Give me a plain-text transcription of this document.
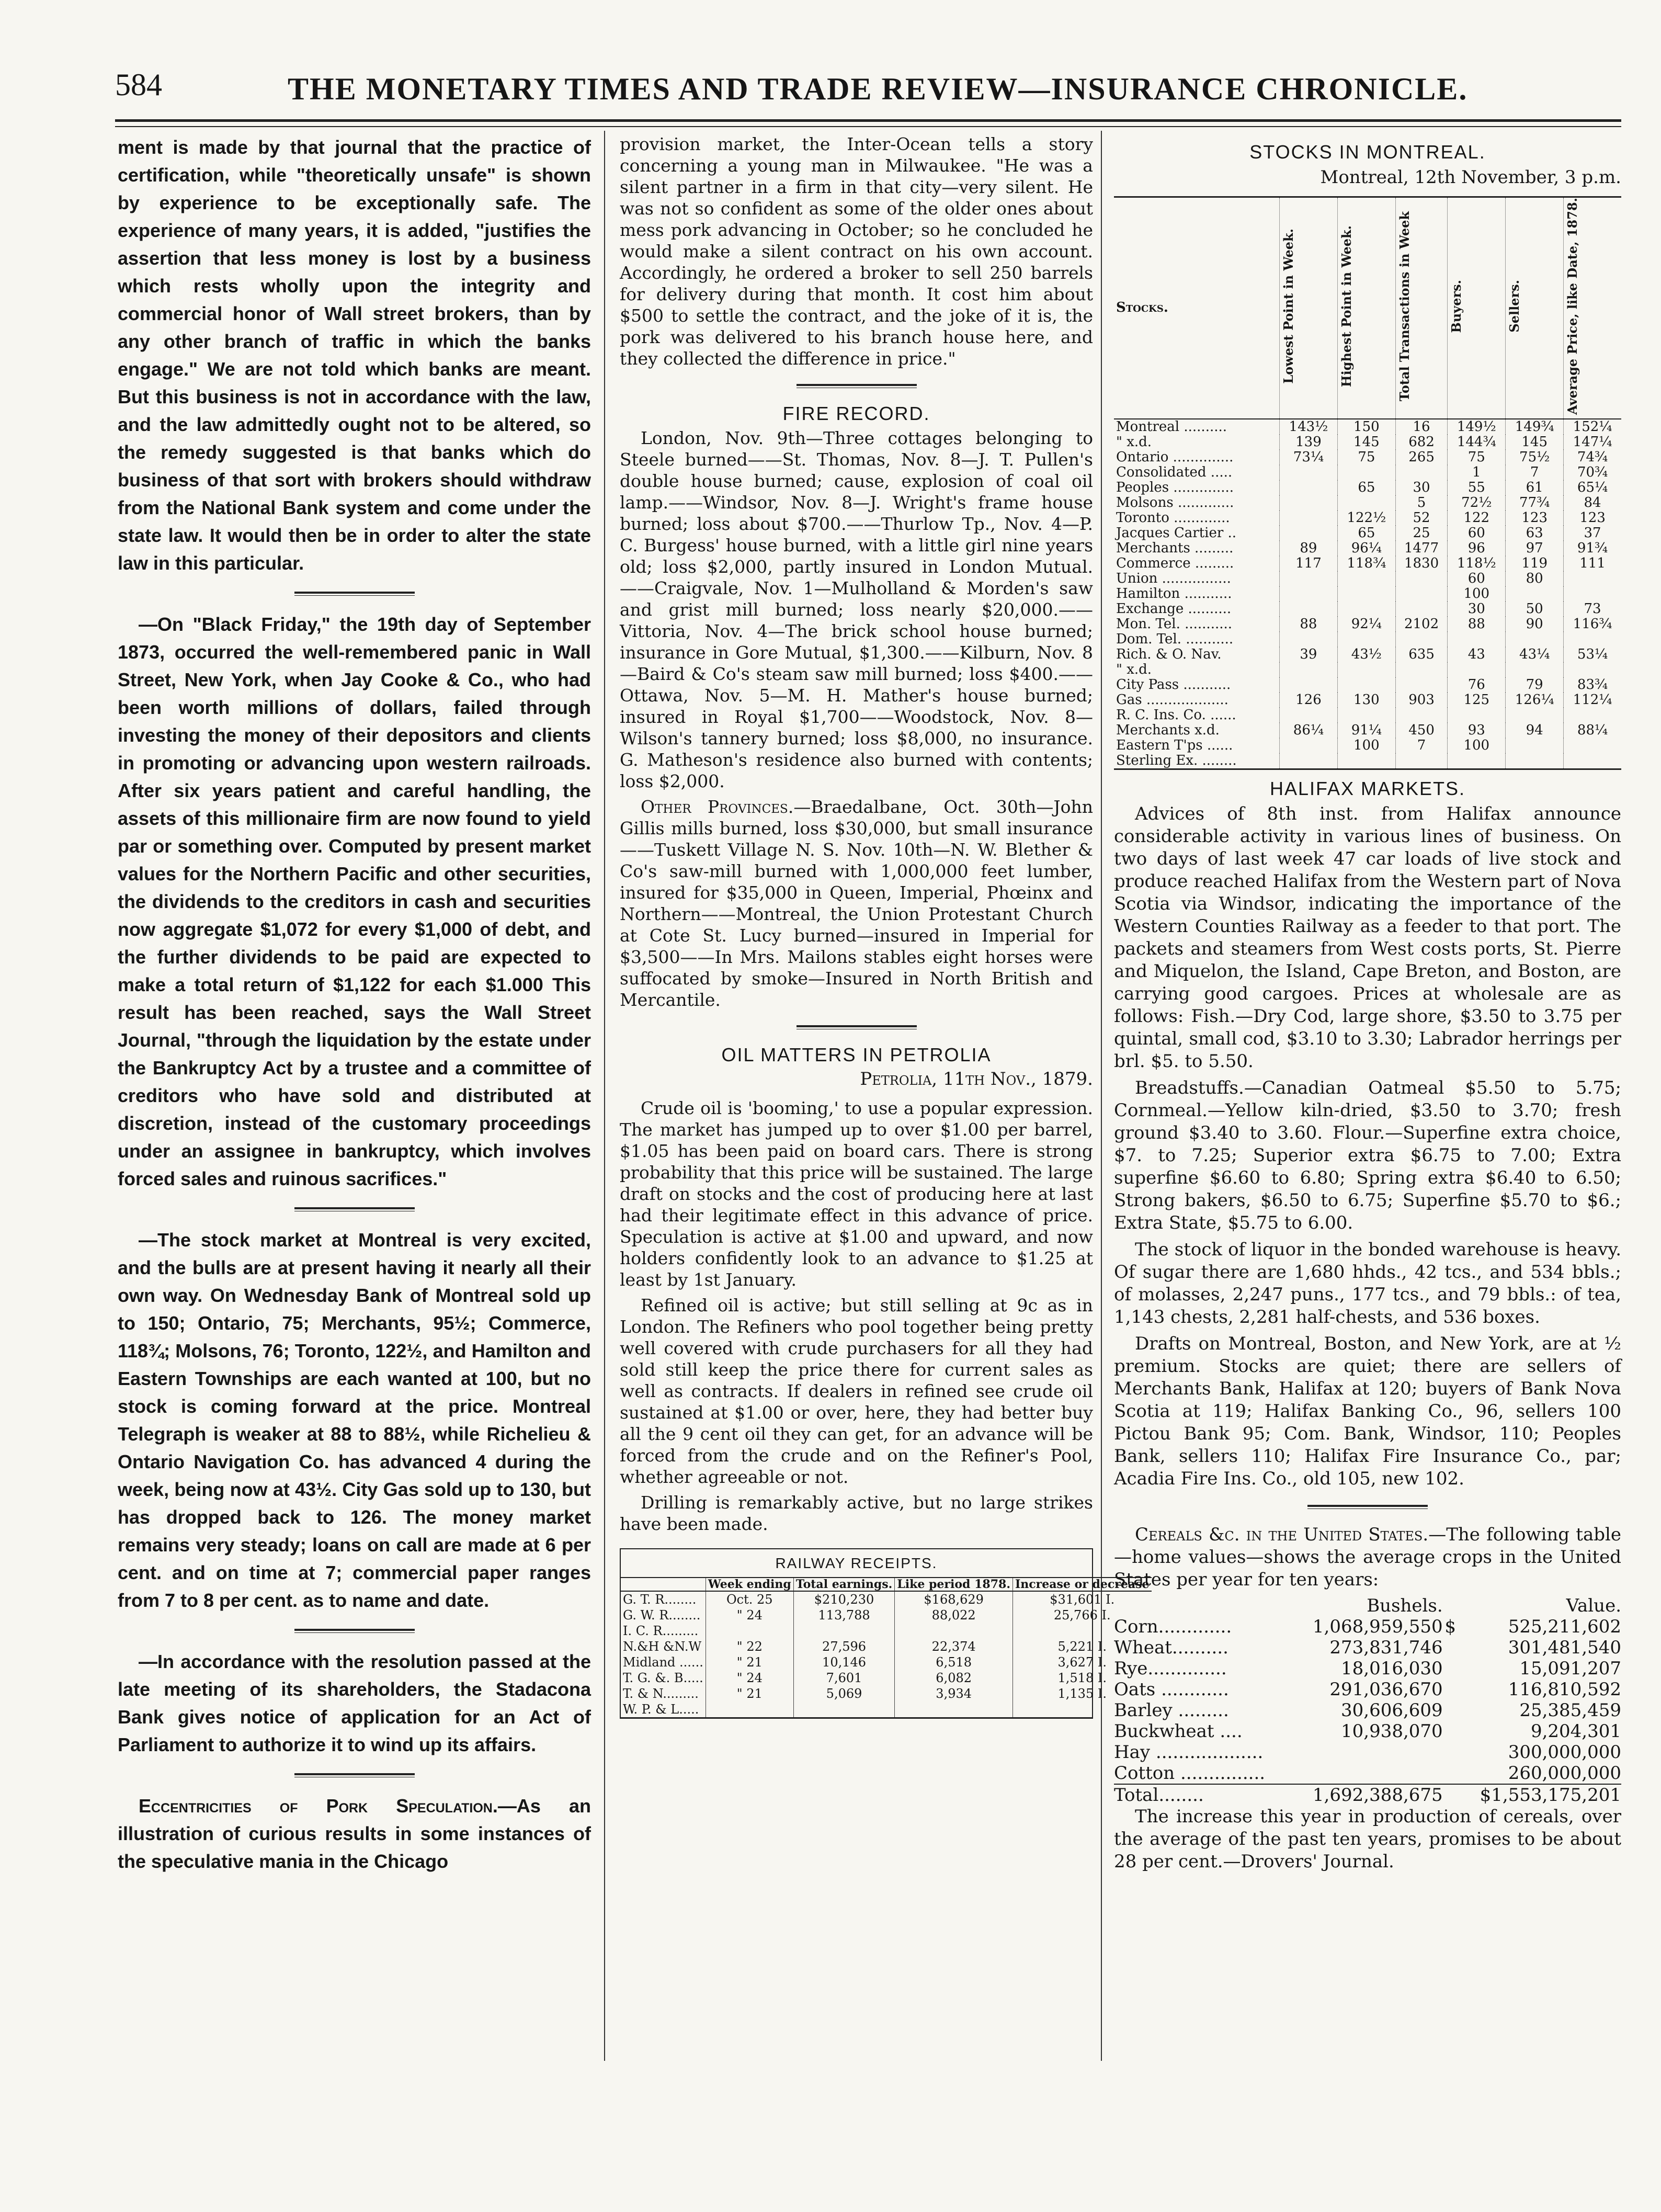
584	THE MONETARY TIMES AND TRADE REVIEW—INSURANCE CHRONICLE.

ment is made by that journal that the practice of certification, while "theoretically unsafe" is shown by experience to be exceptionally safe. The experience of many years, it is added, "justifies the assertion that less money is lost by a business which rests wholly upon the integrity and commercial honor of Wall street brokers, than by any other branch of traffic in which the banks engage." We are not told which banks are meant. But this business is not in accordance with the law, and the law admittedly ought not to be altered, so the remedy suggested is that banks which do business of that sort with brokers should withdraw from the National Bank system and come under the state law. It would then be in order to alter the state law in this particular.

—On "Black Friday," the 19th day of September 1873, occurred the well-remembered panic in Wall Street, New York, when Jay Cooke & Co., who had been worth millions of dollars, failed through investing the money of their depositors and clients in promoting or advancing upon western railroads. After six years patient and careful handling, the assets of this millionaire firm are now found to yield par or something over. Computed by present market values for the Northern Pacific and other securities, the dividends to the creditors in cash and securities now aggregate $1,072 for every $1,000 of debt, and the further dividends to be paid are expected to make a total return of $1,122 for each $1.000 This result has been reached, says the Wall Street Journal, "through the liquidation by the estate under the Bankruptcy Act by a trustee and a committee of creditors who have sold and distributed at discretion, instead of the customary proceedings under an assignee in bankruptcy, which involves forced sales and ruinous sacrifices."

—The stock market at Montreal is very excited, and the bulls are at present having it nearly all their own way. On Wednesday Bank of Montreal sold up to 150; Ontario, 75; Merchants, 95½; Commerce, 118¾; Molsons, 76; Toronto, 122½, and Hamilton and Eastern Townships are each wanted at 100, but no stock is coming forward at the price. Montreal Telegraph is weaker at 88 to 88½, while Richelieu & Ontario Navigation Co. has advanced 4 during the week, being now at 43½. City Gas sold up to 130, but has dropped back to 126. The money market remains very steady; loans on call are made at 6 per cent. and on time at 7; commercial paper ranges from 7 to 8 per cent. as to name and date.

—In accordance with the resolution passed at the late meeting of its shareholders, the Stadacona Bank gives notice of application for an Act of Parliament to authorize it to wind up its affairs.

Eccentricities of Pork Speculation.—As an illustration of curious results in some instances of the speculative mania in the Chicago

provision market, the Inter-Ocean tells a story concerning a young man in Milwaukee. "He was a silent partner in a firm in that city—very silent. He was not so confident as some of the older ones about mess pork advancing in October; so he concluded he would make a silent contract on his own account. Accordingly, he ordered a broker to sell 250 barrels for delivery during that month. It cost him about $500 to settle the contract, and the joke of it is, the pork was delivered to his branch house here, and they collected the difference in price."

FIRE RECORD.

London, Nov. 9th—Three cottages belonging to Steele burned——St. Thomas, Nov. 8—J. T. Pullen's double house burned; cause, explosion of coal oil lamp.——Windsor, Nov. 8—J. Wright's frame house burned; loss about $700.——Thurlow Tp., Nov. 4—P. C. Burgess' house burned, with a little girl nine years old; loss $2,000, partly insured in London Mutual.——Craigvale, Nov. 1—Mulholland & Morden's saw and grist mill burned; loss nearly $20,000.——Vittoria, Nov. 4—The brick school house burned; insurance in Gore Mutual, $1,300.——Kilburn, Nov. 8—Baird & Co's steam saw mill burned; loss $400.——Ottawa, Nov. 5—M. H. Mather's house burned; insured in Royal $1,700——Woodstock, Nov. 8—Wilson's tannery burned; loss $8,000, no insurance. G. Matheson's residence also burned with contents; loss $2,000.

Other Provinces.—Braedalbane, Oct. 30th—John Gillis mills burned, loss $30,000, but small insurance——Tuskett Village N. S. Nov. 10th—N. W. Blether & Co's saw-mill burned with 1,000,000 feet lumber, insured for $35,000 in Queen, Imperial, Phœinx and Northern——Montreal, the Union Protestant Church at Cote St. Lucy burned—insured in Imperial for $3,500——In Mrs. Mailons stables eight horses were suffocated by smoke—Insured in North British and Mercantile.

OIL MATTERS IN PETROLIA
Petrolia, 11th Nov., 1879.

Crude oil is 'booming,' to use a popular expression. The market has jumped up to over $1.00 per barrel, $1.05 has been paid on board cars. There is strong probability that this price will be sustained. The large draft on stocks and the cost of producing here at last had their legitimate effect in this advance of price. Speculation is active at $1.00 and upward, and now holders confidently look to an advance to $1.25 at least by 1st January.

Refined oil is active; but still selling at 9c as in London. The Refiners who pool together being pretty well covered with crude purchasers for all they had sold still keep the price there for current sales as well as contracts. If dealers in refined see crude oil sustained at $1.00 or over, here, they had better buy all the 9 cent oil they can get, for an advance will be forced from the crude and on the Refiner's Pool, whether agreeable or not.

Drilling is remarkably active, but no large strikes have been made.

RAILWAY RECEIPTS.
	Week ending	Total earnings.	Like period 1878.	Increase or decrease
G. T. R........	Oct. 25	$210,230	$168,629	$31,601 I.
G. W. R........	" 24	113,788	88,022	25,766 I.
I. C. R.........				
N.&H &N.W	" 22	27,596	22,374	5,221 I.
Midland ......	" 21	10,146	6,518	3,627 I.
T. G. &. B.....	" 24	7,601	6,082	1,518 I.
T. & N.........	" 21	5,069	3,934	1,135 I.
W. P. & L.....				
STOCKS IN MONTREAL.
Montreal, 12th November, 3 p.m.
Stocks.	Lowest Point in Week.	Highest Point in Week.	Total Transactions in Week	Buyers.	Sellers.	Average Price, like Date, 1878.
Montreal ..........	143½	150	16	149½	149¾	152¼
" x.d.	139	145	682	144¾	145	147¼
Ontario ..............	73¼	75	265	75	75½	74¾
Consolidated .....				1	7	70¾
Peoples ..............		65	30	55	61	65¼
Molsons .............			5	72½	77¾	84
Toronto .............		122½	52	122	123	123
Jacques Cartier ..		65	25	60	63	37
Merchants .........	89	96¼	1477	96	97	91¾
Commerce .........	117	118¾	1830	118½	119	111
Union ................				60	80	
Hamilton ...........				100		
Exchange ..........				30	50	73
Mon. Tel. ...........	88	92¼	2102	88	90	116¾
Dom. Tel. ...........						
Rich. & O. Nav.	39	43½	635	43	43¼	53¼
" x.d.						
City Pass ...........				76	79	83¾
Gas ...................	126	130	903	125	126¼	112¼
R. C. Ins. Co. ......						
Merchants x.d.	86¼	91¼	450	93	94	88¼
Eastern T'ps ......		100	7	100		
Sterling Ex. ........						
HALIFAX MARKETS.

Advices of 8th inst. from Halifax announce considerable activity in various lines of business. On two days of last week 47 car loads of live stock and produce reached Halifax from the Western part of Nova Scotia via Windsor, indicating the importance of the Western Counties Railway as a feeder to that port. The packets and steamers from West costs ports, St. Pierre and Miquelon, the Island, Cape Breton, and Boston, are carrying good cargoes. Prices at wholesale are as follows: Fish.—Dry Cod, large shore, $3.50 to 3.75 per quintal, small cod, $3.10 to 3.30; Labrador herrings per brl. $5. to 5.50.

Breadstuffs.—Canadian Oatmeal $5.50 to 5.75; Cornmeal.—Yellow kiln-dried, $3.50 to 3.70; fresh ground $3.40 to 3.60. Flour.—Superfine extra choice, $7. to 7.25; Superior extra $6.75 to 7.00; Extra superfine $6.60 to 6.80; Spring extra $6.40 to 6.50; Strong bakers, $6.50 to 6.75; Superfine $5.70 to $6.; Extra State, $5.75 to 6.00.

The stock of liquor in the bonded warehouse is heavy. Of sugar there are 1,680 hhds., 42 tcs., and 534 bbls.; of molasses, 2,247 puns., 177 tcs., and 79 bbls.: of tea, 1,143 chests, 2,281 half-chests, and 536 boxes.

Drafts on Montreal, Boston, and New York, are at ½ premium. Stocks are quiet; there are sellers of Merchants Bank, Halifax at 120; buyers of Bank Nova Scotia at 119; Halifax Banking Co., 96, sellers 100 Pictou Bank 95; Com. Bank, Windsor, 110; Peoples Bank, sellers 110; Halifax Fire Insurance Co., par; Acadia Fire Ins. Co., old 105, new 102.

Cereals &c. in the United States.—The following table—home values—shows the average crops in the United States per year for ten years:

	Bushels.		Value.
Corn.............	1,068,959,550	$	525,211,602
Wheat..........	273,831,746		301,481,540
Rye..............	18,016,030		15,091,207
Oats ............	291,036,670		116,810,592
Barley .........	30,606,609		25,385,459
Buckwheat ....	10,938,070		9,204,301
Hay ...................			300,000,000
Cotton ...............			260,000,000
Total........	1,692,388,675		$1,553,175,201

The increase this year in production of cereals, over the average of the past ten years, promises to be about 28 per cent.—Drovers' Journal.
